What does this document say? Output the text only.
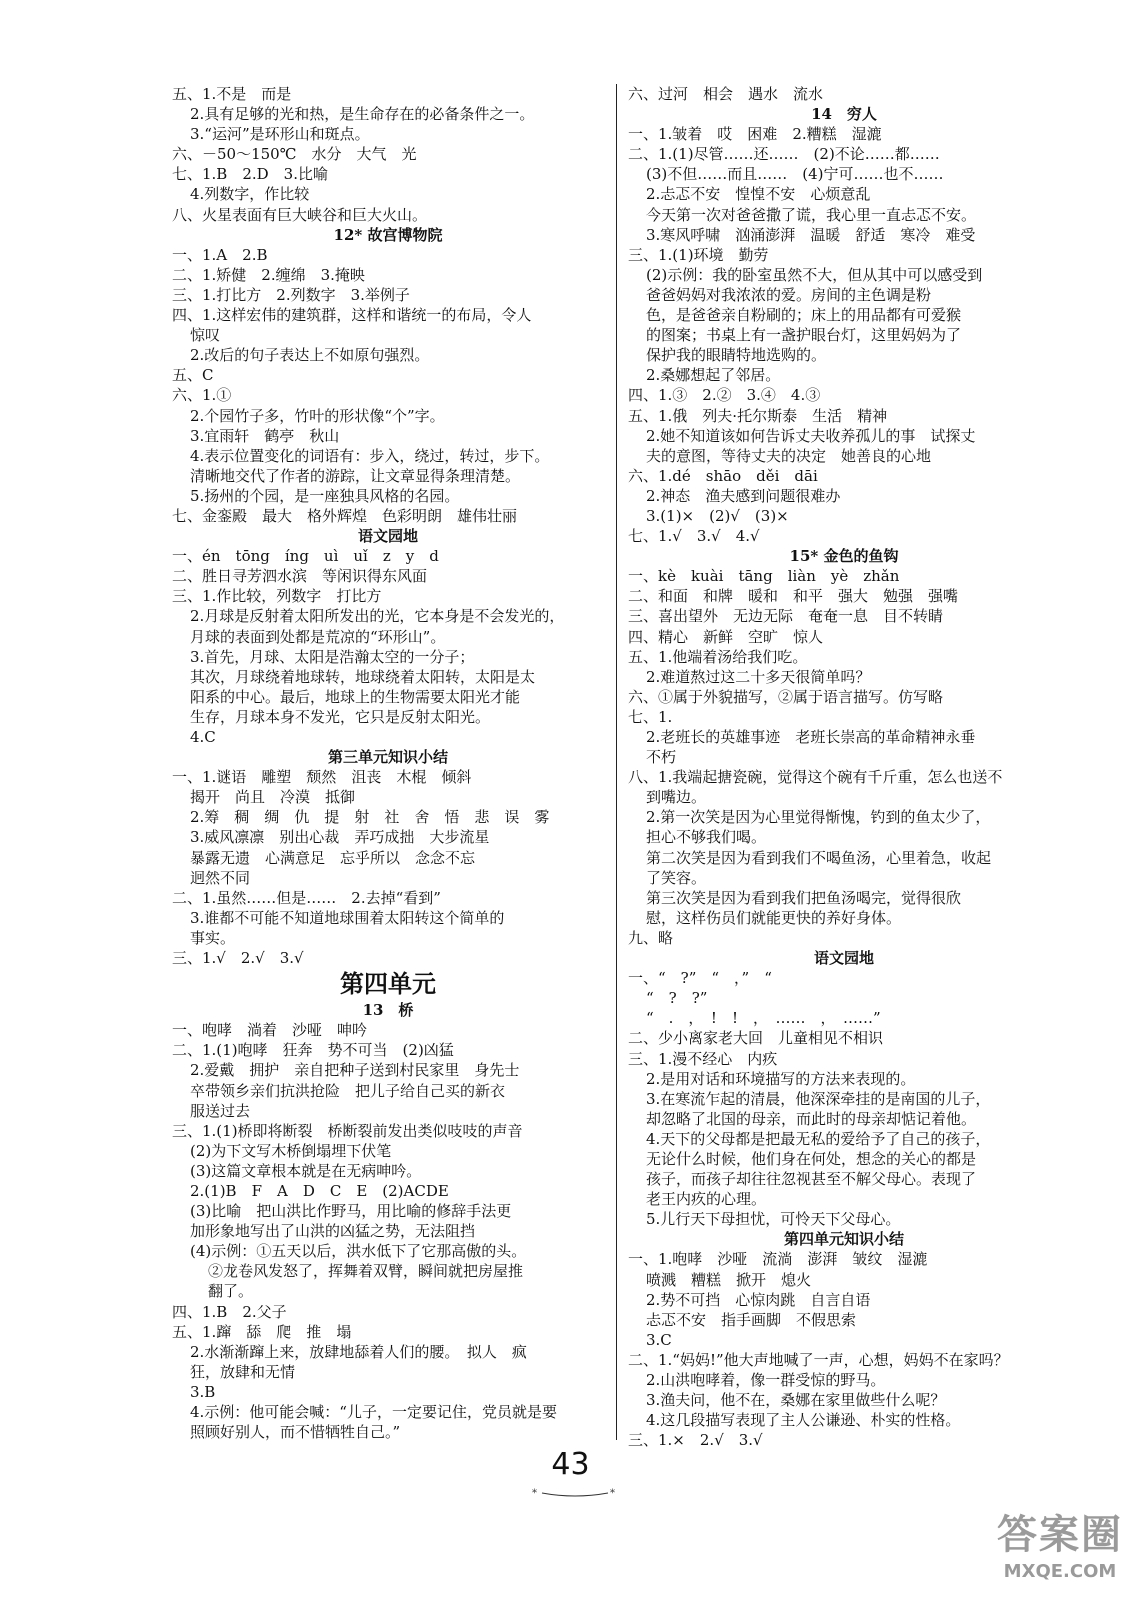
五、1.不是　而是
2.具有足够的光和热，是生命存在的必备条件之一。
3.“运河”是环形山和斑点。
六、－50～150℃　水分　大气　光
七、1.B　2.D　3.比喻
4.列数字，作比较
八、火星表面有巨大峡谷和巨大火山。
12* 故宫博物院
一、1.A　2.B
二、1.矫健　2.缠绵　3.掩映
三、1.打比方　2.列数字　3.举例子
四、1.这样宏伟的建筑群，这样和谐统一的布局，令人
惊叹
2.改后的句子表达上不如原句强烈。
五、C
六、1.①
2.个园竹子多，竹叶的形状像“个”字。
3.宜雨轩　鹤亭　秋山
4.表示位置变化的词语有：步入，绕过，转过，步下。
清晰地交代了作者的游踪，让文章显得条理清楚。
5.扬州的个园，是一座独具风格的名园。
七、金銮殿　最大　格外辉煌　色彩明朗　雄伟壮丽
语文园地
一、én　tōng　íng　uì　uǐ　z　y　d
二、胜日寻芳泗水滨　等闲识得东风面
三、1.作比较，列数字　打比方
2.月球是反射着太阳所发出的光，它本身是不会发光的，
月球的表面到处都是荒凉的“环形山”。
3.首先，月球、太阳是浩瀚太空的一分子；
其次，月球绕着地球转，地球绕着太阳转，太阳是太
阳系的中心。最后，地球上的生物需要太阳光才能
生存，月球本身不发光，它只是反射太阳光。
4.C
第三单元知识小结
一、1.谜语　雕塑　颓然　沮丧　木棍　倾斜
揭开　尚且　冷漠　抵御
2.筹　稠　绸　仇　提　射　社　舍　悟　悲　误　雾
3.威风凛凛　别出心裁　弄巧成拙　大步流星
暴露无遗　心满意足　忘乎所以　念念不忘
迥然不同
二、1.虽然……但是……　2.去掉“看到”
3.谁都不可能不知道地球围着太阳转这个简单的
事实。
三、1.√　2.√　3.√
第四单元
13　桥
一、咆哮　淌着　沙哑　呻吟
二、1.(1)咆哮　狂奔　势不可当　(2)凶猛
2.爱戴　拥护　亲自把种子送到村民家里　身先士
卒带领乡亲们抗洪抢险　把儿子给自己买的新衣
服送过去
三、1.(1)桥即将断裂　桥断裂前发出类似吱吱的声音
(2)为下文写木桥倒塌埋下伏笔
(3)这篇文章根本就是在无病呻吟。
2.(1)B　F　A　D　C　E　(2)ACDE
(3)比喻　把山洪比作野马，用比喻的修辞手法更
加形象地写出了山洪的凶猛之势，无法阻挡
(4)示例：①五天以后，洪水低下了它那高傲的头。
②龙卷风发怒了，挥舞着双臂，瞬间就把房屋推
翻了。
四、1.B　2.父子
五、1.蹿　舔　爬　推　塌
2.水渐渐蹿上来，放肆地舔着人们的腰。　拟人　疯
狂，放肆和无情
3.B
4.示例：他可能会喊：“儿子，一定要记住，党员就是要
照顾好别人，而不惜牺牲自己。”
六、过河　相会　遇水　流水
14　穷人
一、1.皱着　哎　困难　2.糟糕　湿漉
二、1.(1)尽管……还……　(2)不论……都……
(3)不但……而且……　(4)宁可……也不……
2.忐忑不安　惶惶不安　心烦意乱
今天第一次对爸爸撒了谎，我心里一直忐忑不安。
3.寒风呼啸　汹涌澎湃　温暖　舒适　寒冷　难受
三、1.(1)环境　勤劳
(2)示例：我的卧室虽然不大，但从其中可以感受到
爸爸妈妈对我浓浓的爱。房间的主色调是粉
色，是爸爸亲自粉刷的；床上的用品都有可爱猴
的图案；书桌上有一盏护眼台灯，这里妈妈为了
保护我的眼睛特地选购的。
2.桑娜想起了邻居。
四、1.③　2.②　3.④　4.③
五、1.俄　列夫·托尔斯泰　生活　精神
2.她不知道该如何告诉丈夫收养孤儿的事　试探丈
夫的意图，等待丈夫的决定　她善良的心地
六、1.dé　shāo　děi　dāi
2.神态　渔夫感到问题很难办
3.(1)×　(2)√　(3)×
七、1.√　3.√　4.√
15* 金色的鱼钩
一、kè　kuài　tāng　liàn　yè　zhǎn
二、和面　和牌　暖和　和平　强大　勉强　强嘴
三、喜出望外　无边无际　奄奄一息　目不转睛
四、精心　新鲜　空旷　惊人
五、1.他端着汤给我们吃。
2.难道熬过这二十多天很简单吗？
六、①属于外貌描写，②属于语言描写。仿写略
七、1.
2.老班长的英雄事迹　老班长崇高的革命精神永垂
不朽
八、1.我端起搪瓷碗，觉得这个碗有千斤重，怎么也送不
到嘴边。
2.第一次笑是因为心里觉得惭愧，钓到的鱼太少了，
担心不够我们喝。
第二次笑是因为看到我们不喝鱼汤，心里着急，收起
了笑容。
第三次笑是因为看到我们把鱼汤喝完，觉得很欣
慰，这样伤员们就能更快的养好身体。
九、略
语文园地
一、“　?”　“　，”　“
“　?　?”
“　.　，　!　!　，　……　，　……”
二、少小离家老大回　儿童相见不相识
三、1.漫不经心　内疚
2.是用对话和环境描写的方法来表现的。
3.在寒流乍起的清晨，他深深牵挂的是南国的儿子，
却忽略了北国的母亲，而此时的母亲却惦记着他。
4.天下的父母都是把最无私的爱给予了自己的孩子，
无论什么时候，他们身在何处，想念的关心的都是
孩子，而孩子却往往忽视甚至不解父母心。表现了
老王内疚的心理。
5.儿行天下母担忧，可怜天下父母心。
第四单元知识小结
一、1.咆哮　沙哑　流淌　澎湃　皱纹　湿漉
喷溅　糟糕　掀开　熄火
2.势不可挡　心惊肉跳　自言自语
忐忑不安　指手画脚　不假思索
3.C
二、1.“妈妈!”他大声地喊了一声，心想，妈妈不在家吗？
2.山洪咆哮着，像一群受惊的野马。
3.渔夫问，他不在，桑娜在家里做些什么呢？
4.这几段描写表现了主人公谦逊、朴实的性格。
三、1.×　2.√　3.√
43
*	*
答案圈
MXQE.COM
